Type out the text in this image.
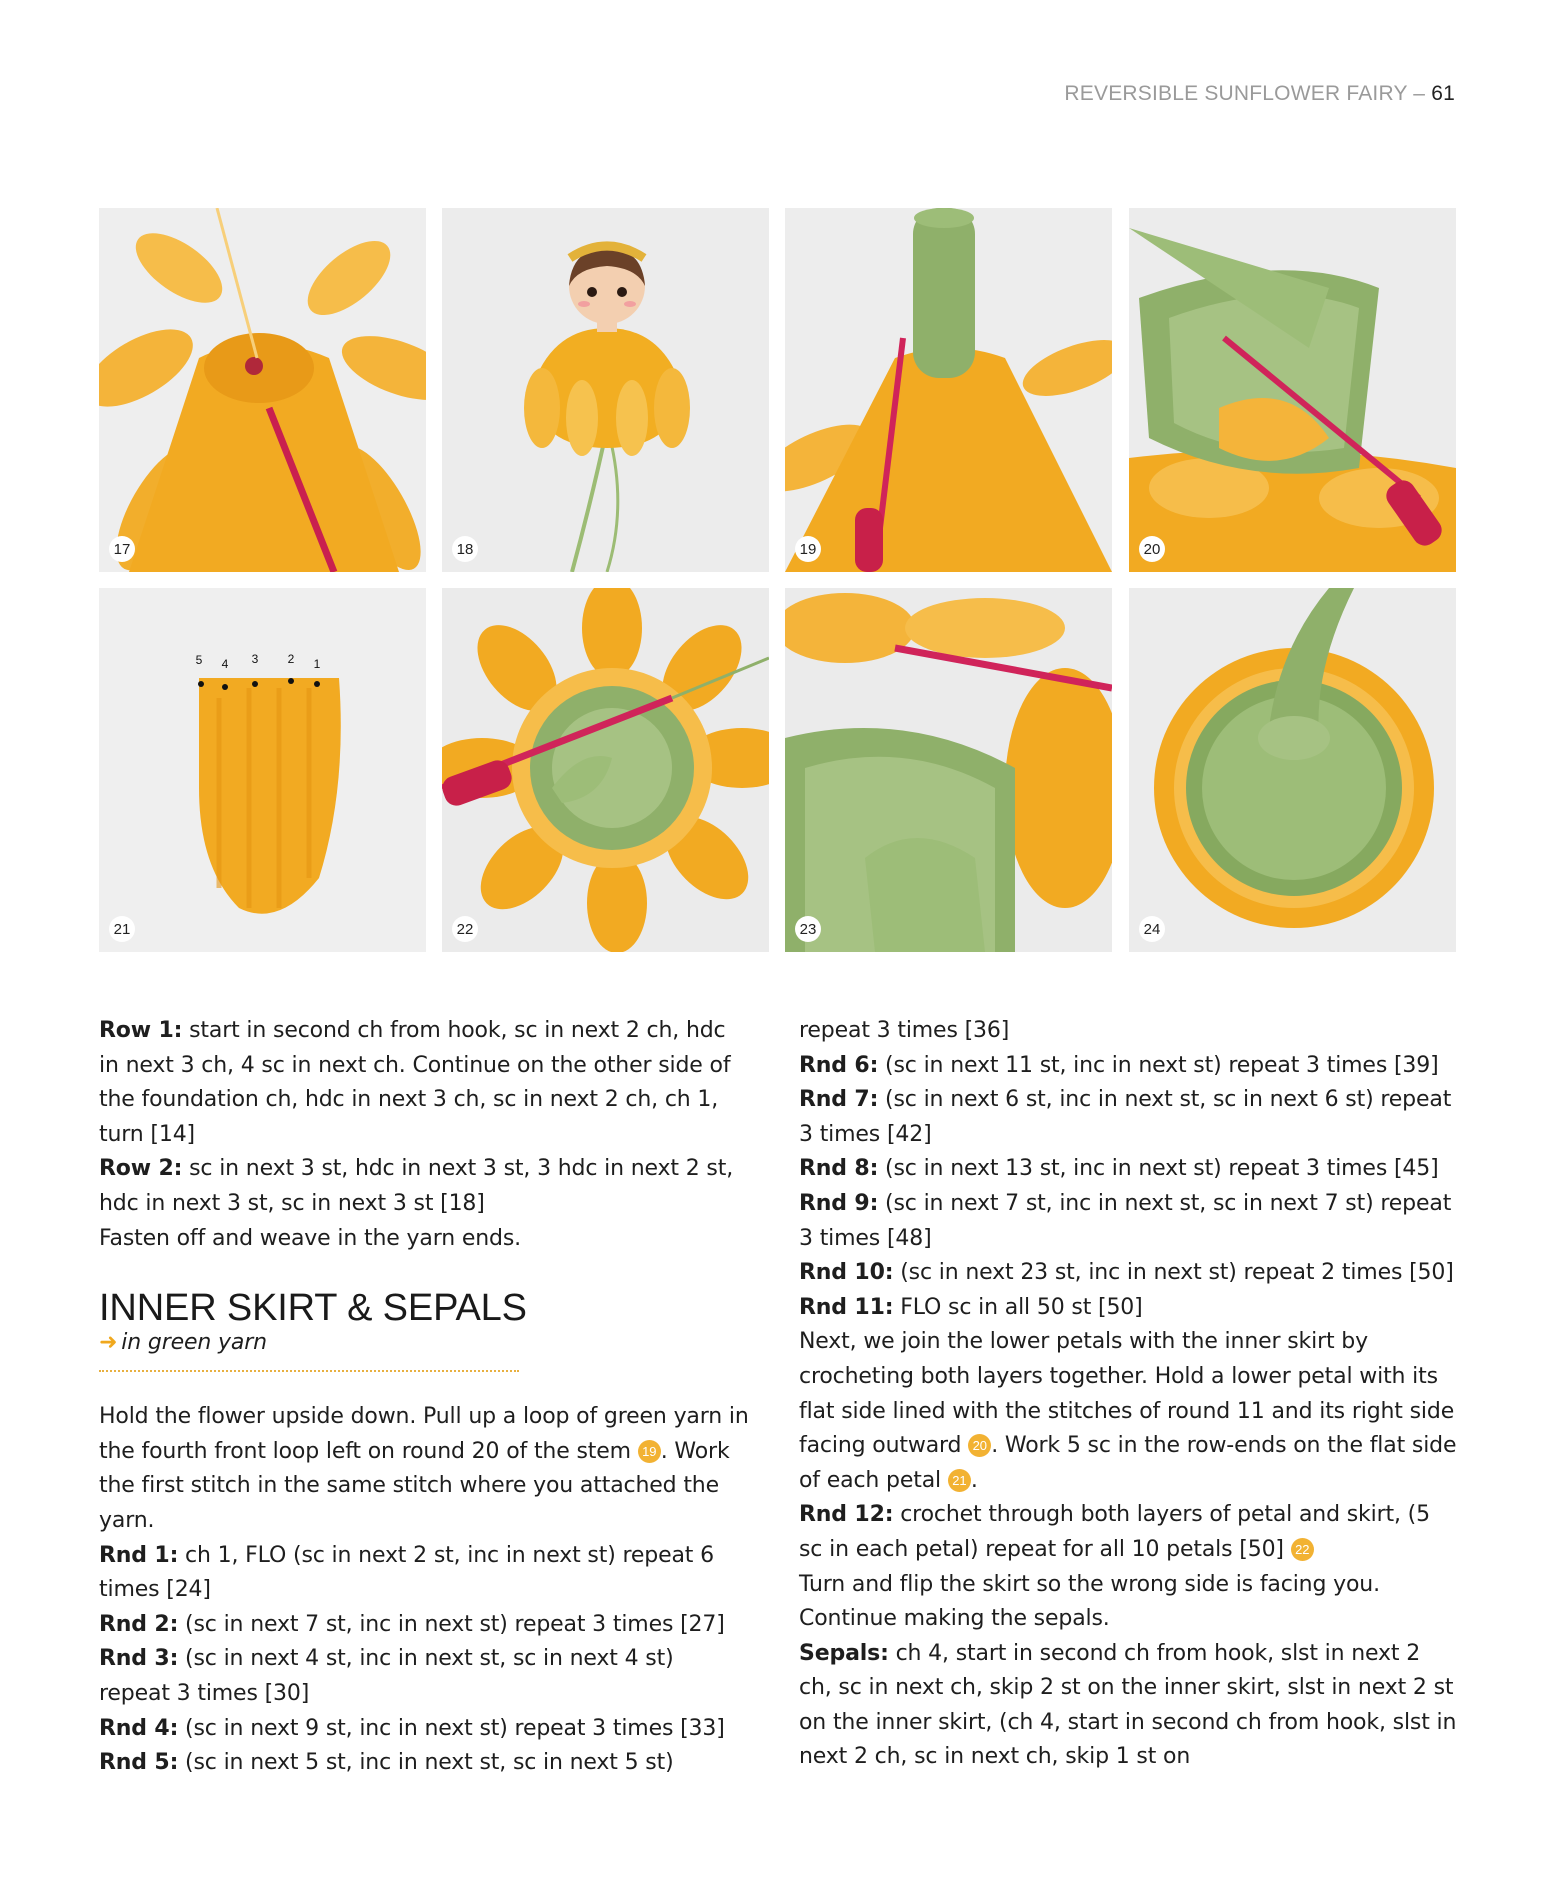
REVERSIBLE SUNFLOWER FAIRY – 61
17	18	19	20
5 4 3 2 1
21	22	23	24

Row 1: start in second ch from hook, sc in next 2 ch, hdc in next 3 ch, 4 sc in next ch. Continue on the other side of the foundation ch, hdc in next 3 ch, sc in next 2 ch, ch 1, turn [14]

Row 2: sc in next 3 st, hdc in next 3 st, 3 hdc in next 2 st, hdc in next 3 st, sc in next 3 st [18]

Fasten off and weave in the yarn ends.

INNER SKIRT & SEPALS
➜ in green yarn

Hold the flower upside down. Pull up a loop of green yarn in the fourth front loop left on round 20 of the stem 19 . Work the first stitch in the same stitch where you attached the yarn.

Rnd 1: ch 1, FLO (sc in next 2 st, inc in next st) repeat 6 times [24]

Rnd 2: (sc in next 7 st, inc in next st) repeat 3 times [27]

Rnd 3: (sc in next 4 st, inc in next st, sc in next 4 st) repeat 3 times [30]

Rnd 4: (sc in next 9 st, inc in next st) repeat 3 times [33]

Rnd 5: (sc in next 5 st, inc in next st, sc in next 5 st)

repeat 3 times [36]

Rnd 6: (sc in next 11 st, inc in next st) repeat 3 times [39]

Rnd 7: (sc in next 6 st, inc in next st, sc in next 6 st) repeat 3 times [42]

Rnd 8: (sc in next 13 st, inc in next st) repeat 3 times [45]

Rnd 9: (sc in next 7 st, inc in next st, sc in next 7 st) repeat 3 times [48]

Rnd 10: (sc in next 23 st, inc in next st) repeat 2 times [50]

Rnd 11: FLO sc in all 50 st [50]

Next, we join the lower petals with the inner skirt by crocheting both layers together. Hold a lower petal with its flat side lined with the stitches of round 11 and its right side facing outward 20 . Work 5 sc in the row-ends on the flat side of each petal 21 .

Rnd 12: crochet through both layers of petal and skirt, (5 sc in each petal) repeat for all 10 petals [50] 22

Turn and flip the skirt so the wrong side is facing you. Continue making the sepals.

Sepals: ch 4, start in second ch from hook, slst in next 2 ch, sc in next ch, skip 2 st on the inner skirt, slst in next 2 st on the inner skirt, (ch 4, start in second ch from hook, slst in next 2 ch, sc in next ch, skip 1 st on
